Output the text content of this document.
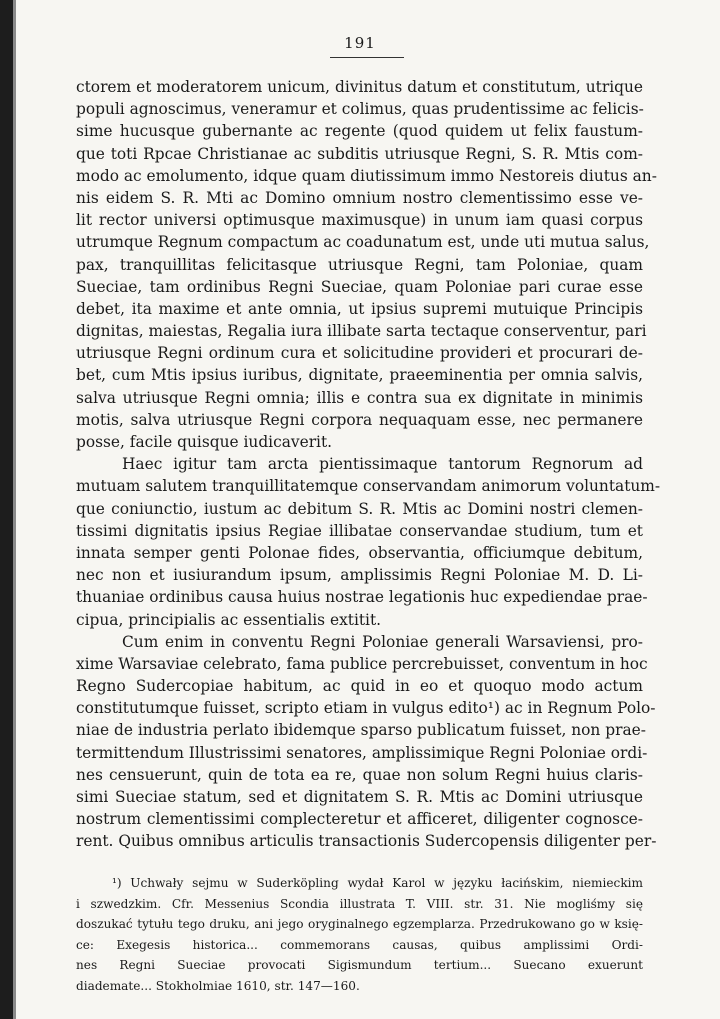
191
ctorem et moderatorem unicum, divinitus datum et constitutum, utrique
populi agnoscimus, veneramur et colimus, quas prudentissime ac felicis-
sime hucusque gubernante ac regente (quod quidem ut felix faustum-
que toti Rpcae Christianae ac subditis utriusque Regni, S. R. Mtis com-
modo ac emolumento, idque quam diutissimum immo Nestoreis diutus an-
nis eidem S. R. Mti ac Domino omnium nostro clementissimo esse ve-
lit rector universi optimusque maximusque) in unum iam quasi corpus
utrumque Regnum compactum ac coadunatum est, unde uti mutua salus,
pax, tranquillitas felicitasque utriusque Regni, tam Poloniae, quam
Sueciae, tam ordinibus Regni Sueciae, quam Poloniae pari curae esse
debet, ita maxime et ante omnia, ut ipsius supremi mutuique Principis
dignitas, maiestas, Regalia iura illibate sarta tectaque conserventur, pari
utriusque Regni ordinum cura et solicitudine provideri et procurari de-
bet, cum Mtis ipsius iuribus, dignitate, praeeminentia per omnia salvis,
salva utriusque Regni omnia; illis e contra sua ex dignitate in minimis
motis, salva utriusque Regni corpora nequaquam esse, nec permanere
posse, facile quisque iudicaverit.
Haec igitur tam arcta pientissimaque tantorum Regnorum ad
mutuam salutem tranquillitatemque conservandam animorum voluntatum-
que coniunctio, iustum ac debitum S. R. Mtis ac Domini nostri clemen-
tissimi dignitatis ipsius Regiae illibatae conservandae studium, tum et
innata semper genti Polonae fides, observantia, officiumque debitum,
nec non et iusiurandum ipsum, amplissimis Regni Poloniae M. D. Li-
thuaniae ordinibus causa huius nostrae legationis huc expediendae prae-
cipua, principialis ac essentialis extitit.
Cum enim in conventu Regni Poloniae generali Warsaviensi, pro-
xime Warsaviae celebrato, fama publice percrebuisset, conventum in hoc
Regno Sudercopiae habitum, ac quid in eo et quoquo modo actum
constitutumque fuisset, scripto etiam in vulgus edito¹) ac in Regnum Polo-
niae de industria perlato ibidemque sparso publicatum fuisset, non prae-
termittendum Illustrissimi senatores, amplissimique Regni Poloniae ordi-
nes censuerunt, quin de tota ea re, quae non solum Regni huius claris-
simi Sueciae statum, sed et dignitatem S. R. Mtis ac Domini utriusque
nostrum clementissimi complecteretur et afficeret, diligenter cognosce-
rent. Quibus omnibus articulis transactionis Sudercopensis diligenter per-
¹) Uchwały sejmu w Suderköpling wydał Karol w języku łacińskim, niemieckim
i szwedzkim. Cfr. Messenius Scondia illustrata T. VIII. str. 31. Nie mogliśmy się
doszukać tytułu tego druku, ani jego oryginalnego egzemplarza. Przedrukowano go w księ-
ce: Exegesis historica... commemorans causas, quibus amplissimi Ordi-
nes Regni Sueciae provocati Sigismundum tertium... Suecano exuerunt
diademate... Stokholmiae 1610, str. 147—160.
